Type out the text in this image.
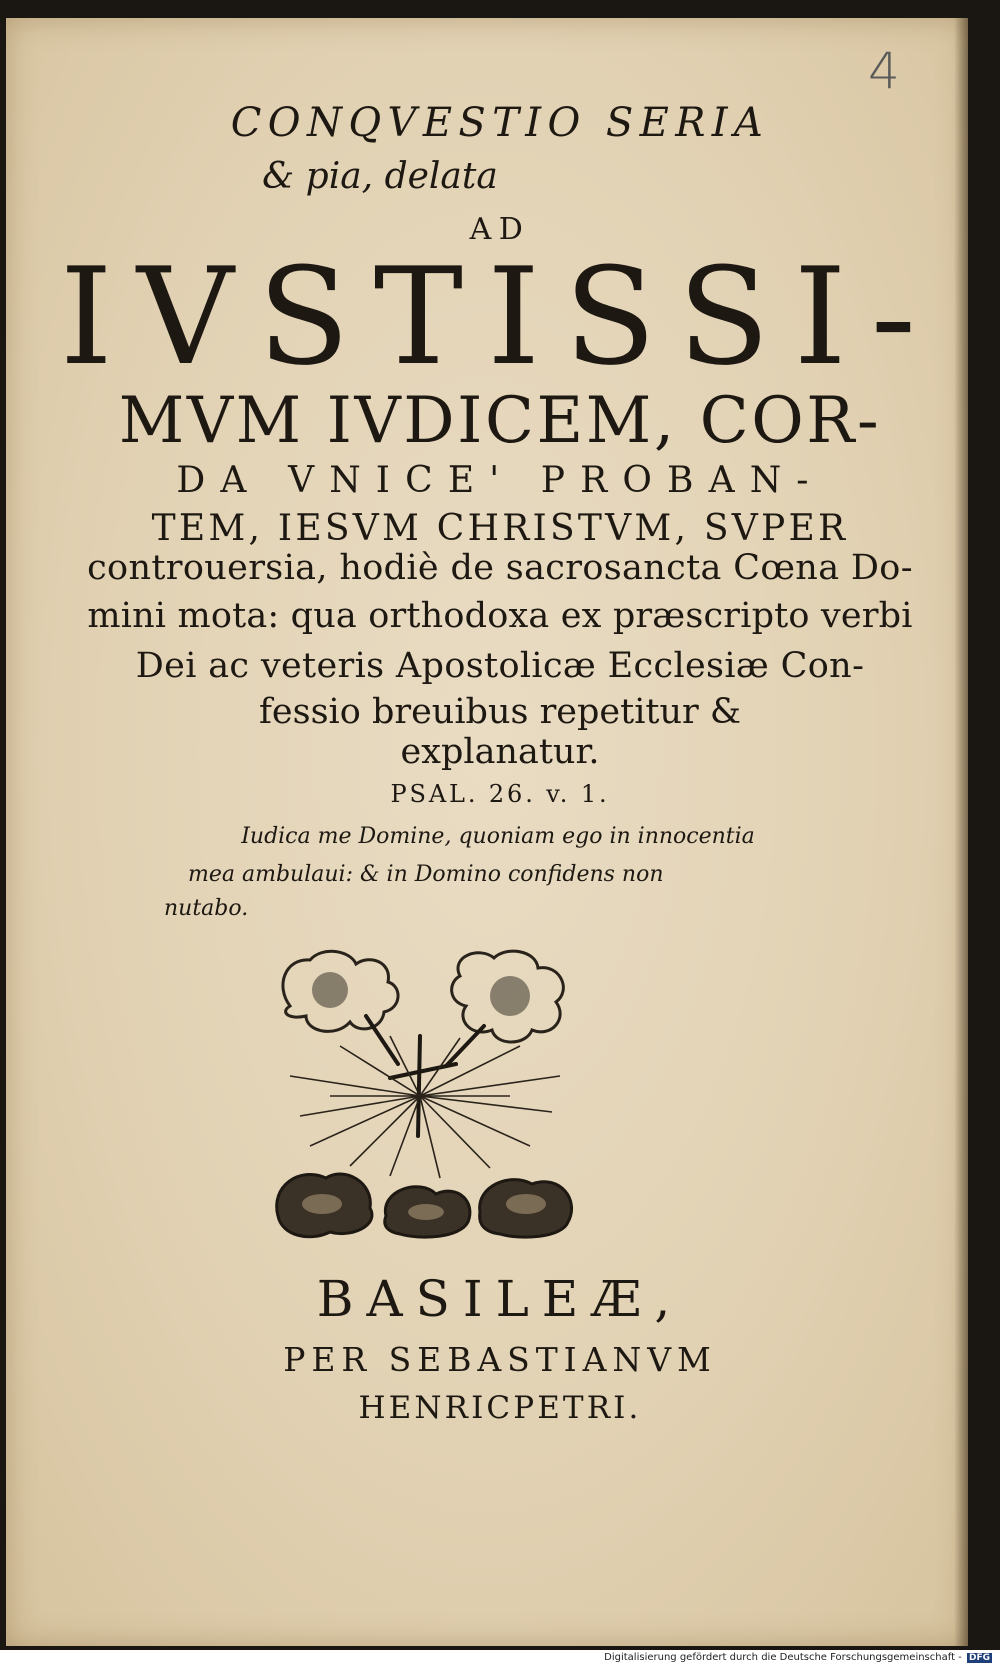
4

CONQVESTIO SERIA

& pia, delata

AD

IVSTISSI-

MVM IVDICEM, COR-

DA VNICE' PROBAN-

TEM, IESVM CHRISTVM, SVPER

controuersia, hodiè de sacrosancta Cœna Do-

mini mota: qua orthodoxa ex præscripto verbi

Dei ac veteris Apostolicæ Ecclesiæ Con-

fessio breuibus repetitur &

explanatur.

PSAL. 26. v. 1.

Iudica me Domine, quoniam ego in innocentia

mea ambulaui: & in Domino confidens non

nutabo.

BASILEÆ,

PER SEBASTIANVM

HENRICPETRI.

Digitalisierung gefördert durch die Deutsche Forschungsgemeinschaft - DFG
